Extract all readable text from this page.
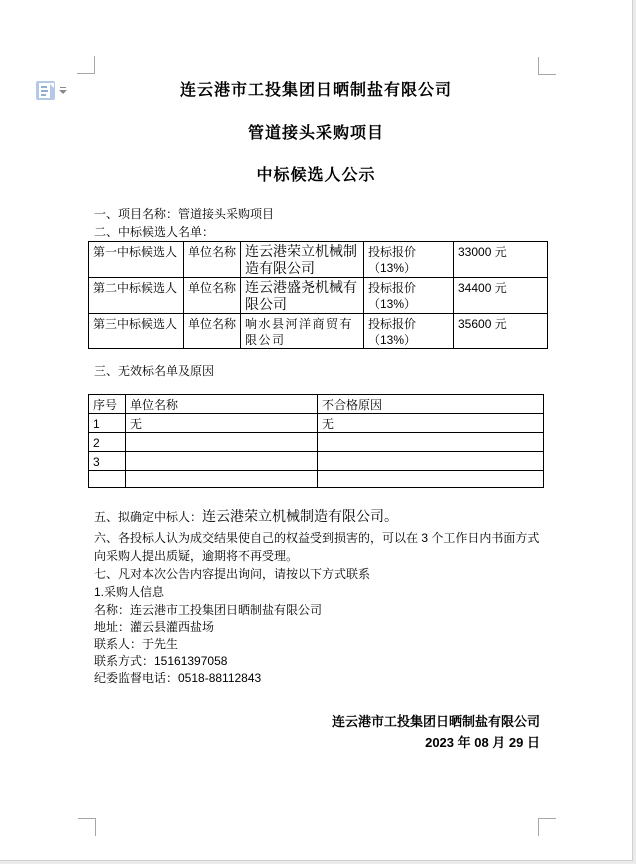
连云港市工投集团日晒制盐有限公司
管道接头采购项目
中标候选人公示
一、项目名称：管道接头采购项目
二、中标候选人名单：
第一中标候选人	单位名称	连云港荣立机械制造有限公司	投标报价（13%）	33000 元
第二中标候选人	单位名称	连云港盛尧机械有限公司	投标报价（13%）	34400 元
第三中标候选人	单位名称	响水县河洋商贸有限公司	投标报价（13%）	35600 元
三、无效标名单及原因
序号	单位名称	不合格原因
1	无	无
2		
3		

五、拟确定中标人：连云港荣立机械制造有限公司。
六、各投标人认为成交结果使自己的权益受到损害的，可以在 3 个工作日内书面方式向采购人提出质疑，逾期将不再受理。
七、凡对本次公告内容提出询问，请按以下方式联系
1.采购人信息
名称：连云港市工投集团日晒制盐有限公司
地址：灌云县灌西盐场
联系人：于先生
联系方式：15161397058
纪委监督电话：0518-88112843
连云港市工投集团日晒制盐有限公司
2023 年 08 月 29 日
